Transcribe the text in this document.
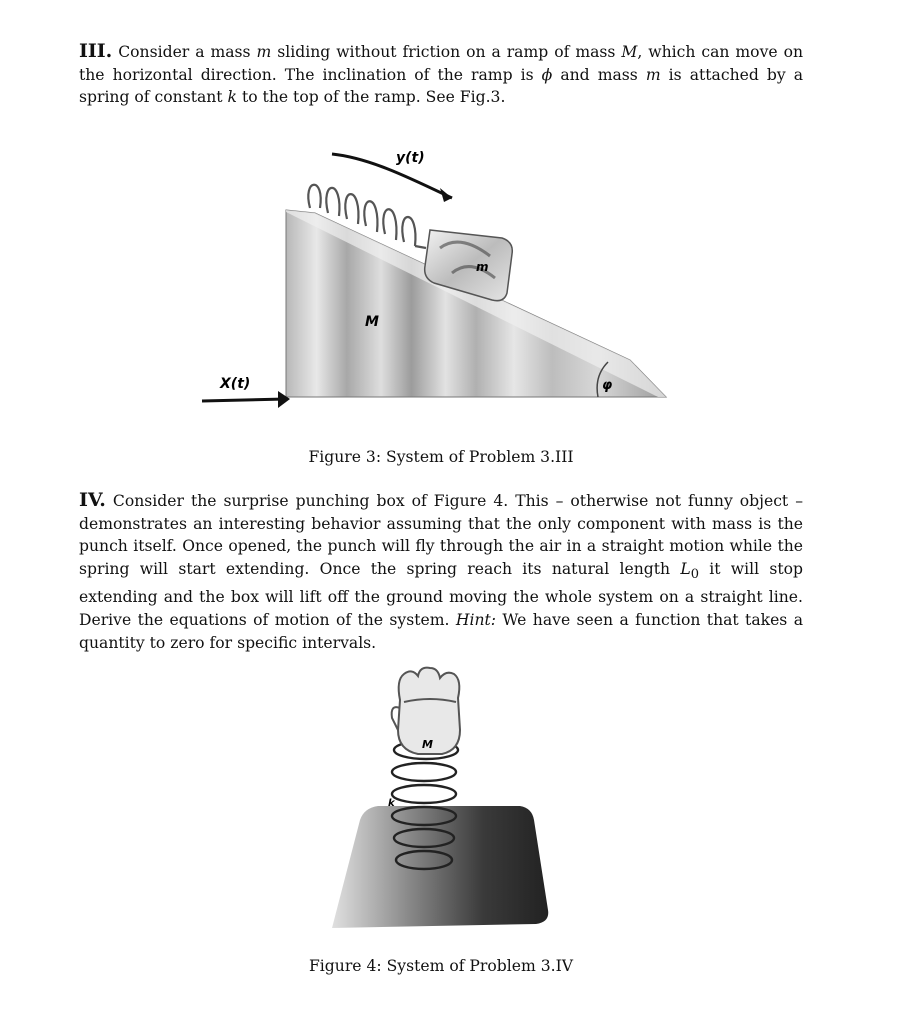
III. Consider a mass m sliding without friction on a ramp of mass M, which can move on the horizontal direction. The inclination of the ramp is ϕ and mass m is attached by a spring of constant k to the top of the ramp. See Fig.3.
m
M
φ
y(t)
X(t)
Figure 3: System of Problem 3.III
IV. Consider the surprise punching box of Figure 4. This – otherwise not funny object – demonstrates an interesting behavior assuming that the only component with mass is the punch itself. Once opened, the punch will fly through the air in a straight motion while the spring will start extending. Once the spring reach its natural length $L_0$ it will stop extending and the box will lift off the ground moving the whole system on a straight line. Derive the equations of motion of the system. Hint: We have seen a function that takes a quantity to zero for specific intervals.
M
k
Figure 4: System of Problem 3.IV
